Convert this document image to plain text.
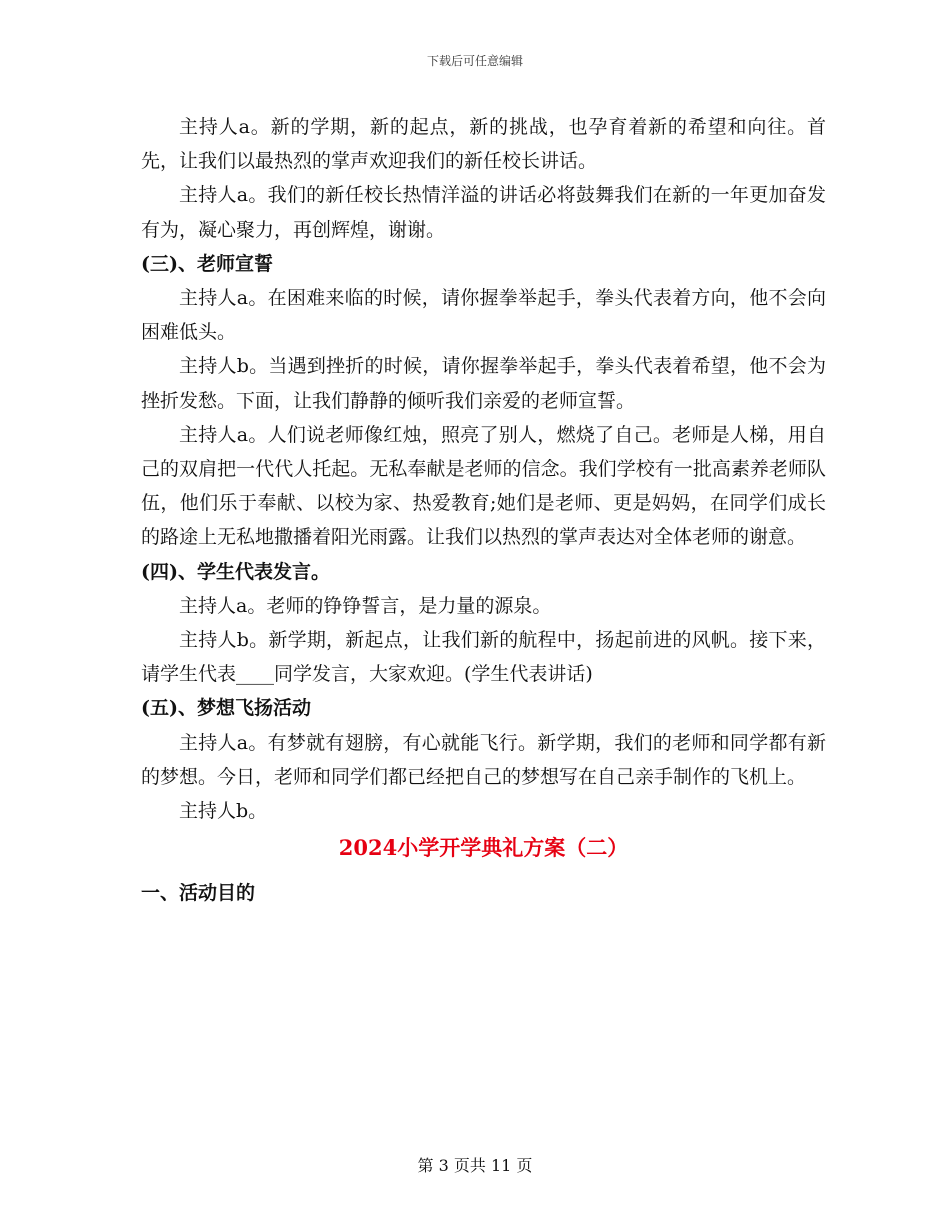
下载后可任意编辑

主持人a。新的学期，新的起点，新的挑战，也孕育着新的希望和向往。首先，让我们以最热烈的掌声欢迎我们的新任校长讲话。

主持人a。我们的新任校长热情洋溢的讲话必将鼓舞我们在新的一年更加奋发有为，凝心聚力，再创辉煌，谢谢。

(三)、老师宣誓

主持人a。在困难来临的时候，请你握拳举起手，拳头代表着方向，他不会向困难低头。

主持人b。当遇到挫折的时候，请你握拳举起手，拳头代表着希望，他不会为挫折发愁。下面，让我们静静的倾听我们亲爱的老师宣誓。

主持人a。人们说老师像红烛，照亮了别人，燃烧了自己。老师是人梯，用自己的双肩把一代代人托起。无私奉献是老师的信念。我们学校有一批高素养老师队伍，他们乐于奉献、以校为家、热爱教育;她们是老师、更是妈妈，在同学们成长的路途上无私地撒播着阳光雨露。让我们以热烈的掌声表达对全体老师的谢意。

(四)、学生代表发言。

主持人a。老师的铮铮誓言，是力量的源泉。

主持人b。新学期，新起点，让我们新的航程中，扬起前进的风帆。接下来，请学生代表____同学发言，大家欢迎。(学生代表讲话)

(五)、梦想飞扬活动

主持人a。有梦就有翅膀，有心就能飞行。新学期，我们的老师和同学都有新的梦想。今日，老师和同学们都已经把自己的梦想写在自己亲手制作的飞机上。

主持人b。

2024小学开学典礼方案（二）

一、活动目的

第 3 页共 11 页
